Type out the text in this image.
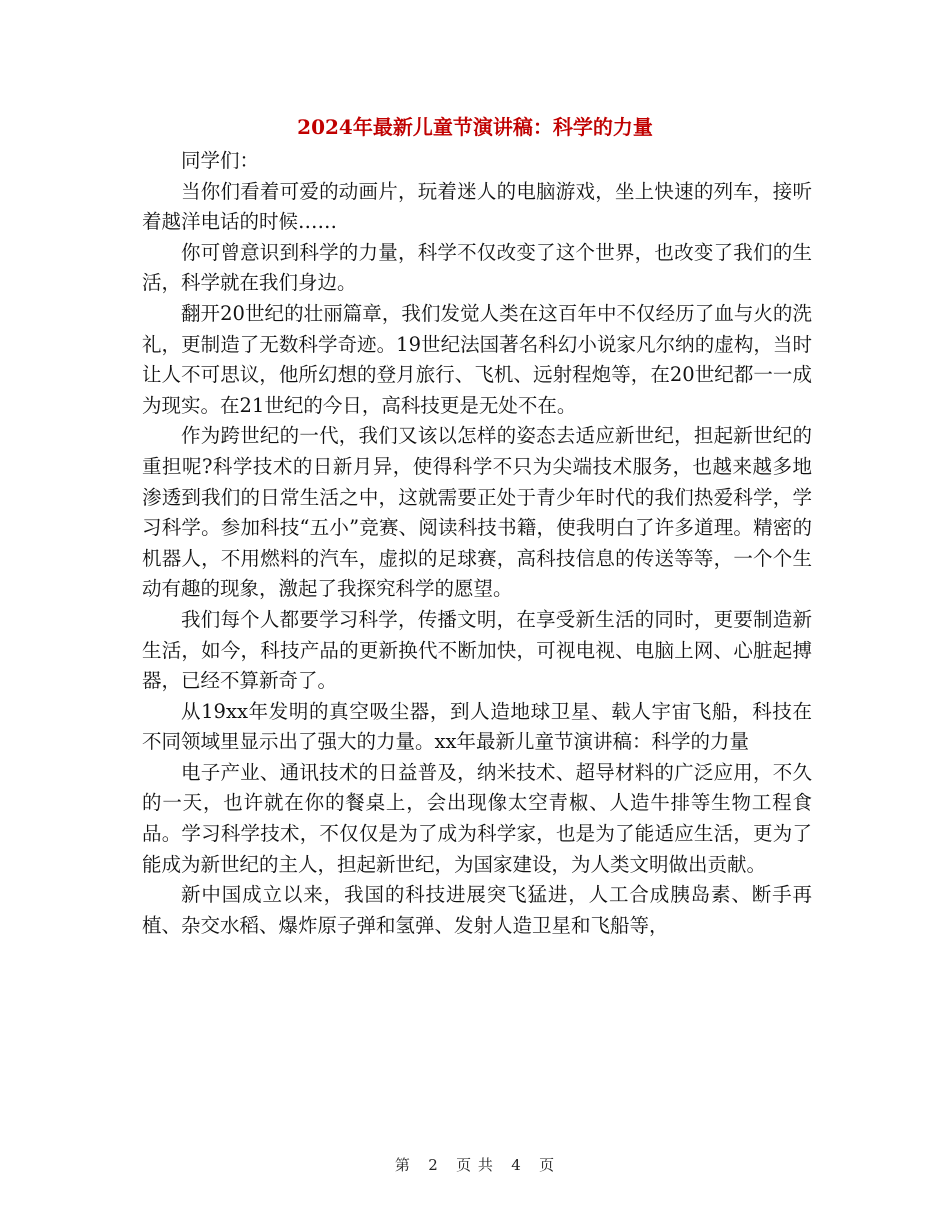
2024年最新儿童节演讲稿：科学的力量

同学们：

当你们看着可爱的动画片，玩着迷人的电脑游戏，坐上快速的列车，接听着越洋电话的时候……

你可曾意识到科学的力量，科学不仅改变了这个世界，也改变了我们的生活，科学就在我们身边。

翻开20世纪的壮丽篇章，我们发觉人类在这百年中不仅经历了血与火的洗礼，更制造了无数科学奇迹。19世纪法国著名科幻小说家凡尔纳的虚构，当时让人不可思议，他所幻想的登月旅行、飞机、远射程炮等，在20世纪都一一成为现实。在21世纪的今日，高科技更是无处不在。

作为跨世纪的一代，我们又该以怎样的姿态去适应新世纪，担起新世纪的重担呢?科学技术的日新月异，使得科学不只为尖端技术服务，也越来越多地渗透到我们的日常生活之中，这就需要正处于青少年时代的我们热爱科学，学习科学。参加科技“五小”竞赛、阅读科技书籍，使我明白了许多道理。精密的机器人，不用燃料的汽车，虚拟的足球赛，高科技信息的传送等等，一个个生动有趣的现象，激起了我探究科学的愿望。

我们每个人都要学习科学，传播文明，在享受新生活的同时，更要制造新生活，如今，科技产品的更新换代不断加快，可视电视、电脑上网、心脏起搏器，已经不算新奇了。

从19xx年发明的真空吸尘器，到人造地球卫星、载人宇宙飞船，科技在不同领域里显示出了强大的力量。xx年最新儿童节演讲稿：科学的力量

电子产业、通讯技术的日益普及，纳米技术、超导材料的广泛应用，不久的一天，也许就在你的餐桌上，会出现像太空青椒、人造牛排等生物工程食品。学习科学技术，不仅仅是为了成为科学家，也是为了能适应生活，更为了能成为新世纪的主人，担起新世纪，为国家建设，为人类文明做出贡献。

新中国成立以来，我国的科技进展突飞猛进，人工合成胰岛素、断手再植、杂交水稻、爆炸原子弹和氢弹、发射人造卫星和飞船等，

第 2 页 共 4 页
